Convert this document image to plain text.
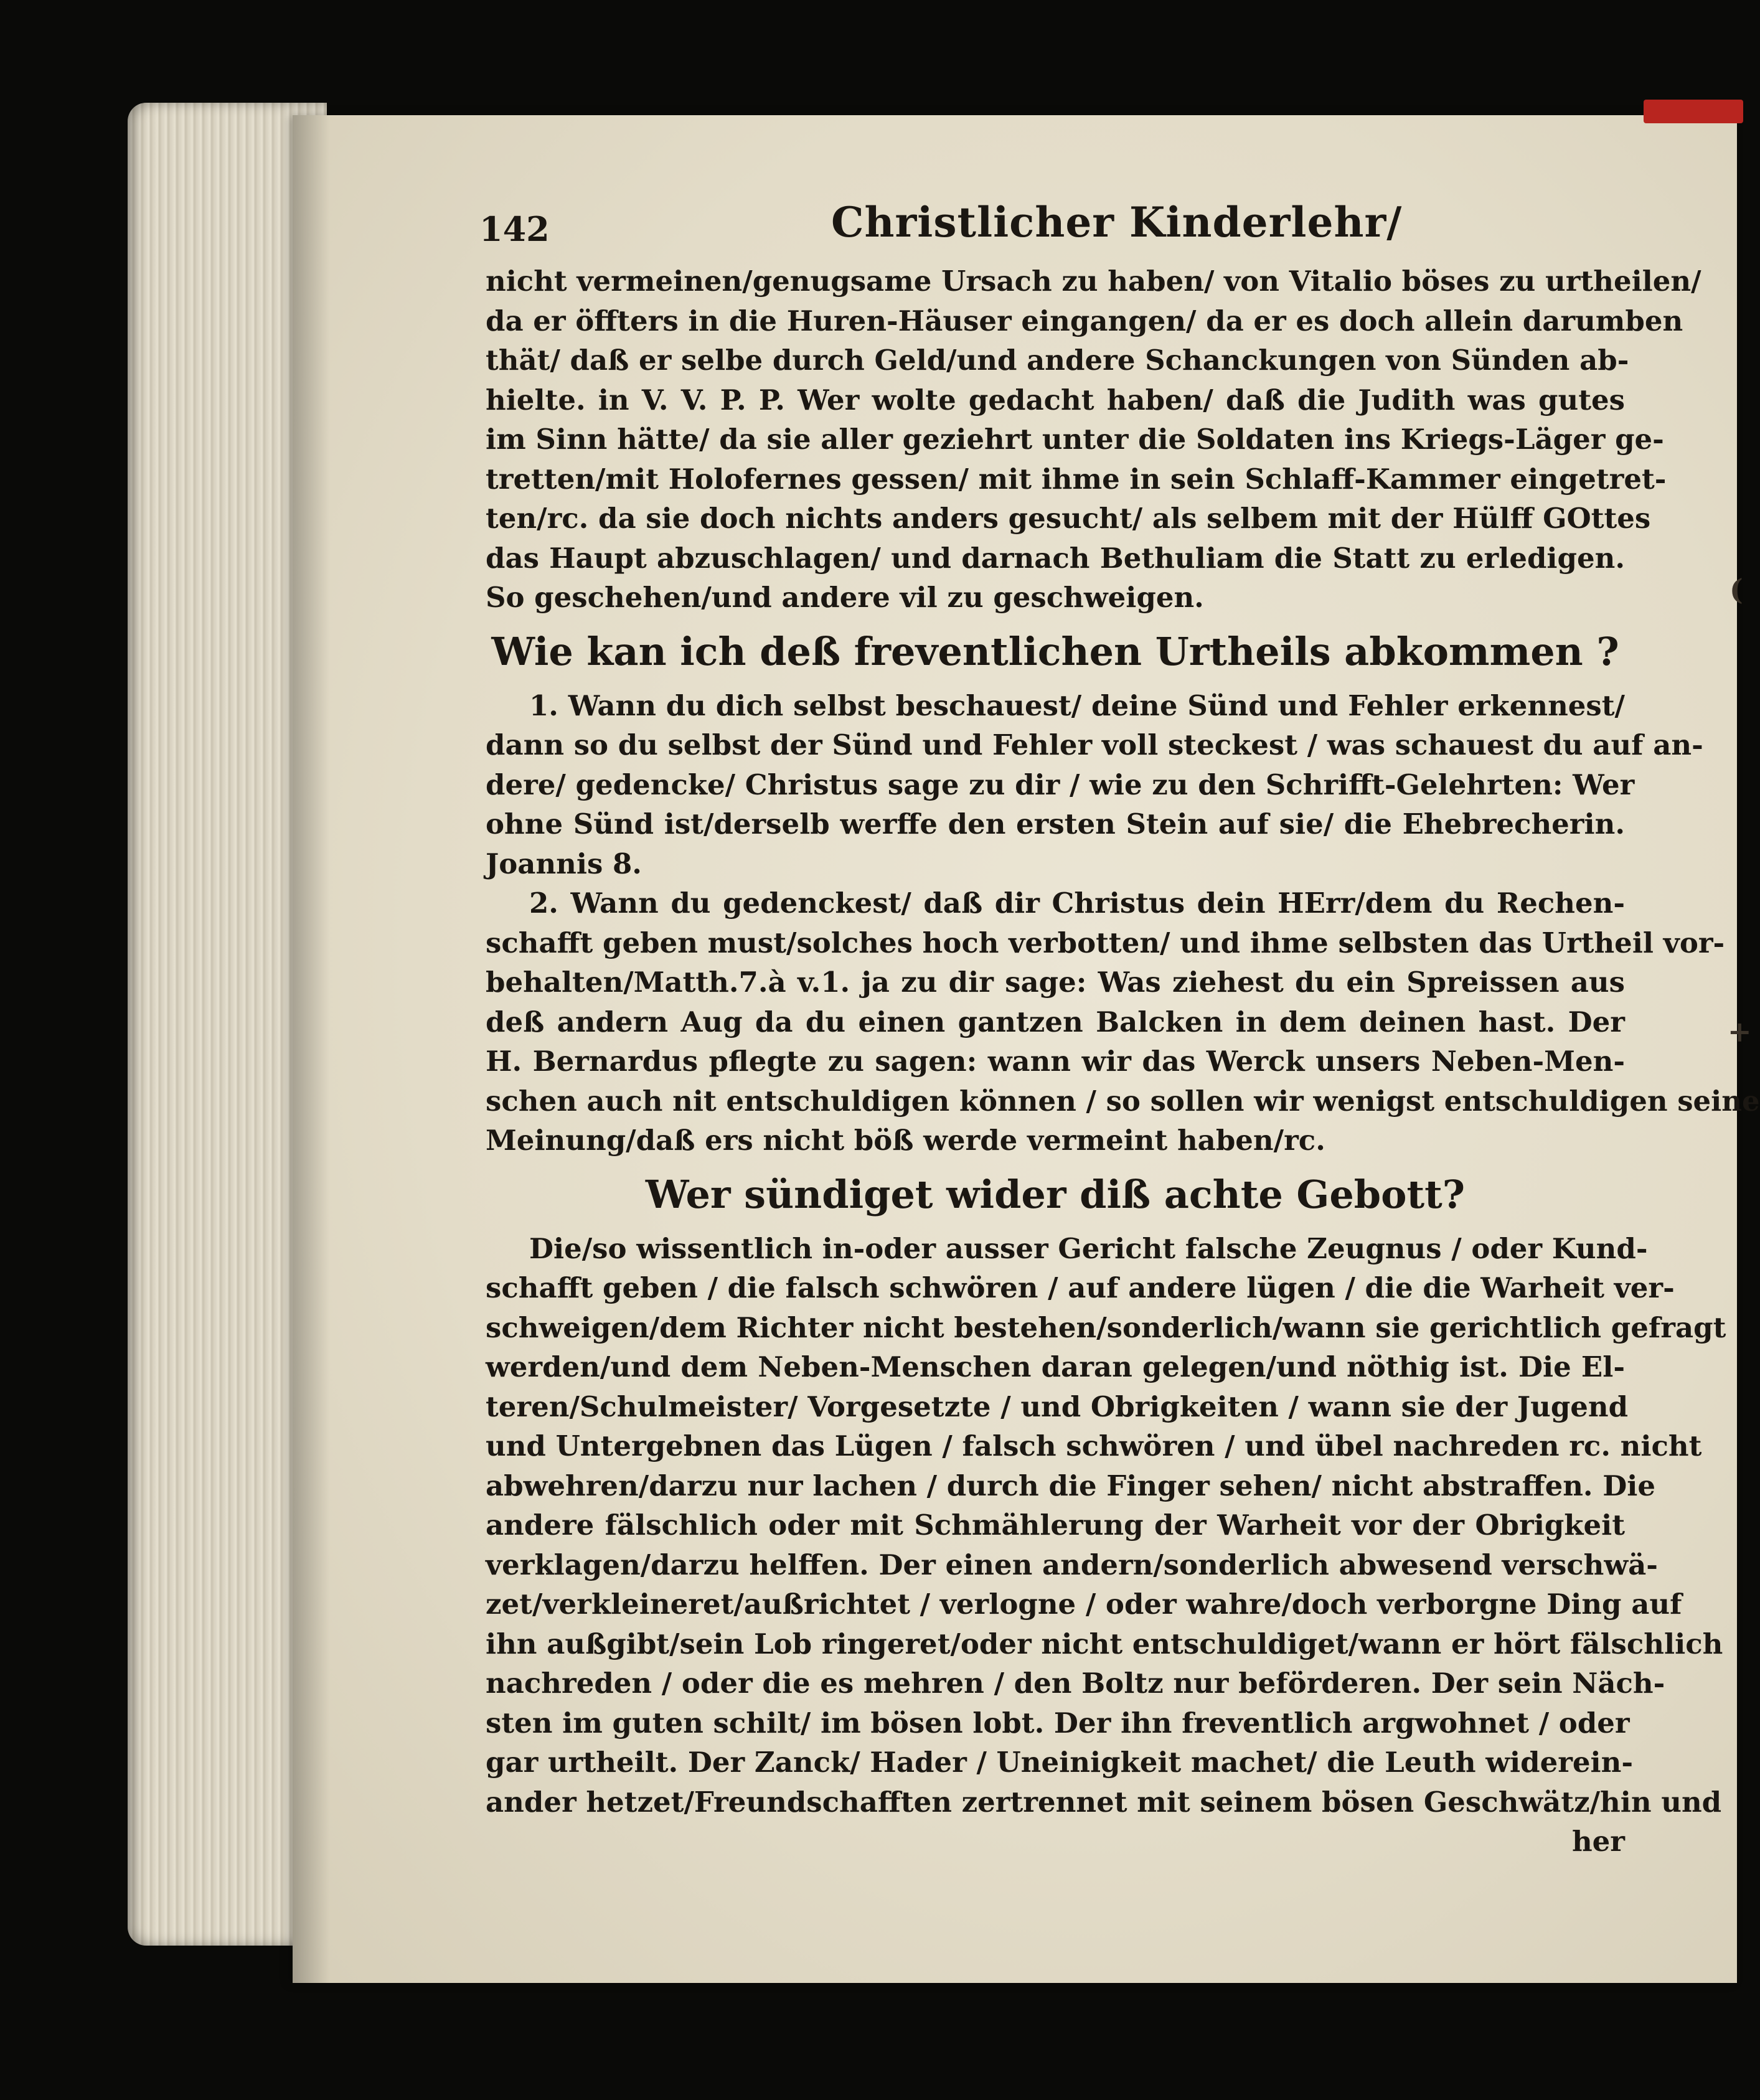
142	Christlicher Kinderlehr/
nicht vermeinen/genugsame Ursach zu haben/ von Vitalio böses zu urtheilen/
da er öffters in die Huren-Häuser eingangen/ da er es doch allein darumben
thät/ daß er selbe durch Geld/und andere Schanckungen von Sünden ab-
hielte. in V. V. P. P. Wer wolte gedacht haben/ daß die Judith was gutes
im Sinn hätte/ da sie aller geziehrt unter die Soldaten ins Kriegs-Läger ge-
tretten/mit Holofernes gessen/ mit ihme in sein Schlaff-Kammer eingetret-
ten/rc. da sie doch nichts anders gesucht/ als selbem mit der Hülff GOttes
das Haupt abzuschlagen/ und darnach Bethuliam die Statt zu erledigen.
So geschehen/und andere vil zu geschweigen.
Wie kan ich deß freventlichen Urtheils abkommen ?
1. Wann du dich selbst beschauest/ deine Sünd und Fehler erkennest/
dann so du selbst der Sünd und Fehler voll steckest / was schauest du auf an-
dere/ gedencke/ Christus sage zu dir / wie zu den Schrifft-Gelehrten: Wer
ohne Sünd ist/derselb werffe den ersten Stein auf sie/ die Ehebrecherin.
Joannis 8.
2. Wann du gedenckest/ daß dir Christus dein HErr/dem du Rechen-
schafft geben must/solches hoch verbotten/ und ihme selbsten das Urtheil vor-
behalten/Matth.7.à v.1. ja zu dir sage: Was ziehest du ein Spreissen aus
deß andern Aug da du einen gantzen Balcken in dem deinen hast. Der
H. Bernardus pflegte zu sagen: wann wir das Werck unsers Neben-Men-
schen auch nit entschuldigen können / so sollen wir wenigst entschuldigen seine
Meinung/daß ers nicht böß werde vermeint haben/rc.
Wer sündiget wider diß achte Gebott?
Die/so wissentlich in-oder ausser Gericht falsche Zeugnus / oder Kund-
schafft geben / die falsch schwören / auf andere lügen / die die Warheit ver-
schweigen/dem Richter nicht bestehen/sonderlich/wann sie gerichtlich gefragt
werden/und dem Neben-Menschen daran gelegen/und nöthig ist. Die El-
teren/Schulmeister/ Vorgesetzte / und Obrigkeiten / wann sie der Jugend
und Untergebnen das Lügen / falsch schwören / und übel nachreden rc. nicht
abwehren/darzu nur lachen / durch die Finger sehen/ nicht abstraffen. Die
andere fälschlich oder mit Schmählerung der Warheit vor der Obrigkeit
verklagen/darzu helffen. Der einen andern/sonderlich abwesend verschwä-
zet/verkleineret/außrichtet / verlogne / oder wahre/doch verborgne Ding auf
ihn außgibt/sein Lob ringeret/oder nicht entschuldiget/wann er hört fälschlich
nachreden / oder die es mehren / den Boltz nur beförderen. Der sein Näch-
sten im guten schilt/ im bösen lobt. Der ihn freventlich argwohnet / oder
gar urtheilt. Der Zanck/ Hader / Uneinigkeit machet/ die Leuth widerein-
ander hetzet/Freundschafften zertrennet mit seinem bösen Geschwätz/hin und
her
(
+
